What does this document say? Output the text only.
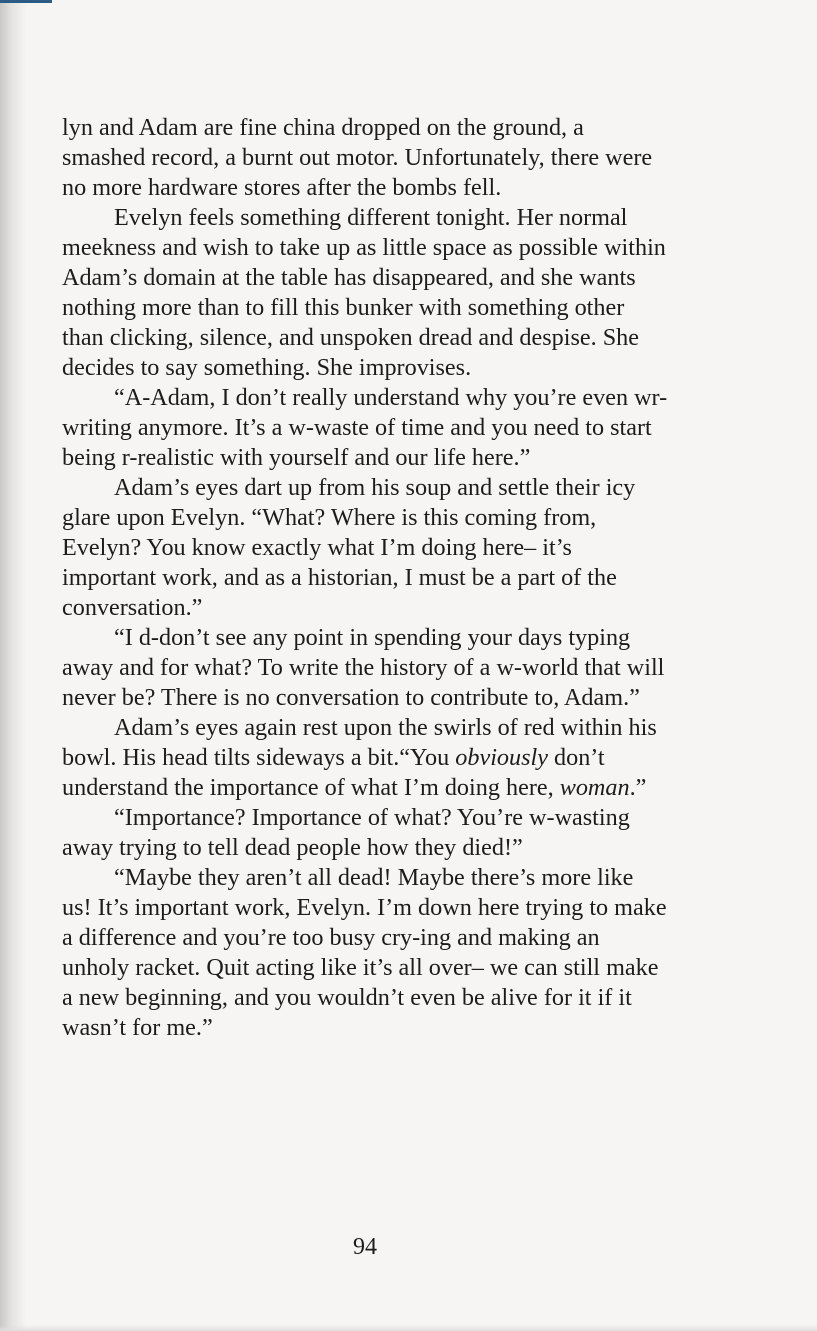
lyn and Adam are fine china dropped on the ground, a smashed record, a burnt out motor. Unfortunately, there were no more hardware stores after the bombs fell.

Evelyn feels something different tonight. Her normal meekness and wish to take up as little space as possible within Adam’s domain at the table has disappeared, and she wants nothing more than to fill this bunker with something other than clicking, silence, and unspoken dread and despise. She decides to say something. She improvises.

“A-Adam, I don’t really understand why you’re even wr-writing anymore. It’s a w-waste of time and you need to start being r-realistic with yourself and our life here.”

Adam’s eyes dart up from his soup and settle their icy glare upon Evelyn. “What? Where is this coming from, Evelyn? You know exactly what I’m doing here– it’s important work, and as a historian, I must be a part of the conversation.”

“I d-don’t see any point in spending your days typing away and for what? To write the history of a w-world that will never be? There is no conversation to contribute to, Adam.”

Adam’s eyes again rest upon the swirls of red within his bowl. His head tilts sideways a bit.“You obviously don’t understand the importance of what I’m doing here, woman.”

“Importance? Importance of what? You’re w-wasting away trying to tell dead people how they died!”

“Maybe they aren’t all dead! Maybe there’s more like us! It’s important work, Evelyn. I’m down here trying to make a difference and you’re too busy cry-ing and making an unholy racket. Quit acting like it’s all over– we can still make a new beginning, and you wouldn’t even be alive for it if it wasn’t for me.”

94
